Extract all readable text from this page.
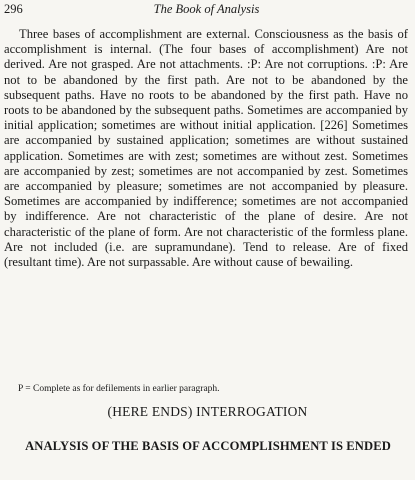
296	The Book of Analysis

Three bases of accomplishment are external. Consciousness as the basis of accomplishment is internal. (The four bases of accomplishment) Are not derived. Are not grasped. Are not attachments. :P: Are not corruptions. :P: Are not to be abandoned by the first path. Are not to be abandoned by the subsequent paths. Have no roots to be abandoned by the first path. Have no roots to be abandoned by the subsequent paths. Sometimes are accompanied by initial application; sometimes are without initial application. [226] Sometimes are accompanied by sustained application; sometimes are without sustained application. Sometimes are with zest; sometimes are without zest. Sometimes are accompanied by zest; sometimes are not accompanied by zest. Sometimes are accompanied by pleasure; sometimes are not accompanied by pleasure. Sometimes are accompanied by indifference; sometimes are not accompanied by indifference. Are not characteristic of the plane of desire. Are not characteristic of the plane of form. Are not characteristic of the formless plane. Are not included (i.e. are supramundane). Tend to release. Are of fixed (resultant time). Are not surpassable. Are without cause of bewailing.

P = Complete as for defilements in earlier paragraph.

(HERE ENDS) INTERROGATION

ANALYSIS OF THE BASIS OF ACCOMPLISHMENT IS ENDED
